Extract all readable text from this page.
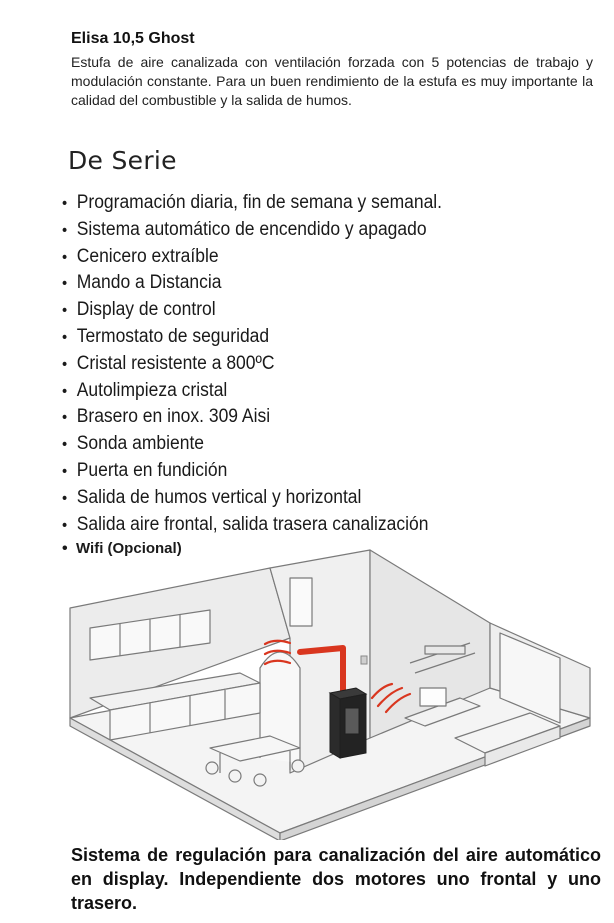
Elisa 10,5 Ghost
Estufa de aire canalizada con ventilación forzada con 5 potencias de trabajo y modulación constante. Para un buen rendimiento de la estufa es muy importante la calidad del combustible y la salida de humos.
De Serie
• Programación diaria, fin de semana y semanal.
• Sistema automático de encendido y apagado
• Cenicero extraíble
• Mando a Distancia
• Display de control
• Termostato de seguridad
• Cristal resistente a 800ºC
• Autolimpieza cristal
• Brasero en inox. 309 Aisi
• Sonda ambiente
• Puerta en fundición
• Salida de humos vertical y horizontal
• Salida aire frontal, salida trasera canalización
• Wifi (Opcional)
Sistema de regulación para canalización del aire automático en display. Independiente dos motores uno frontal y uno trasero.
